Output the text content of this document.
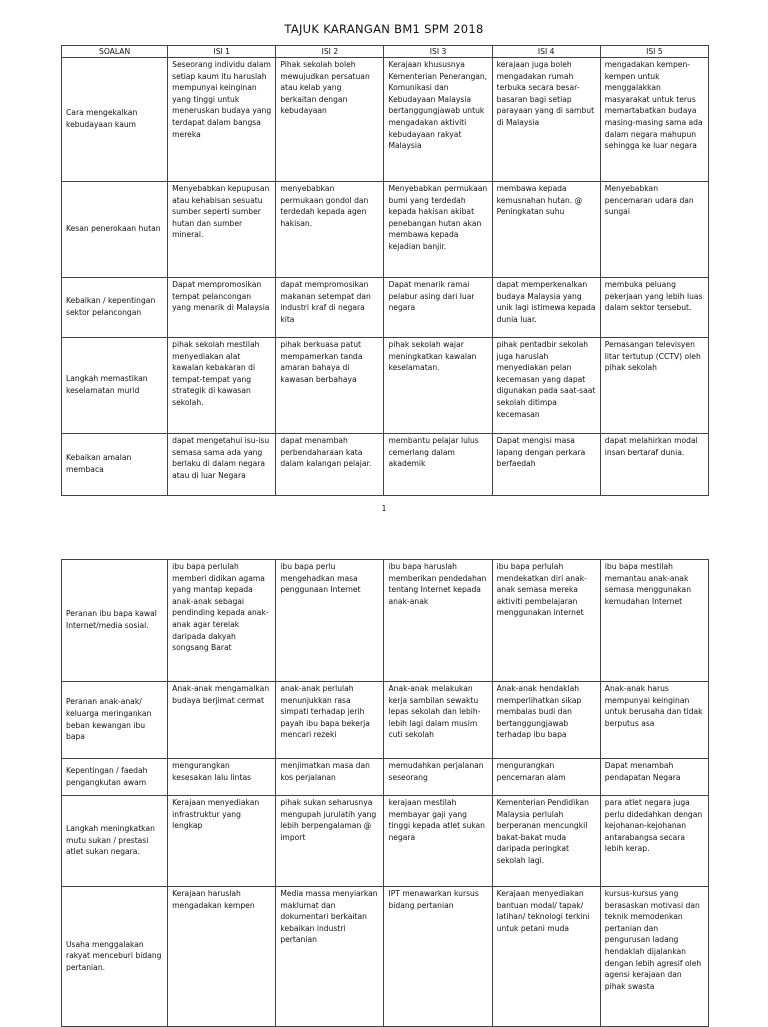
TAJUK KARANGAN BM1 SPM 2018
SOALAN	ISI 1	ISI 2	ISI 3	ISI 4	ISI 5
Cara mengekalkan kebudayaan kaum	Seseorang individu dalam setiap kaum itu haruslah mempunyai keinginan yang tinggi untuk meneruskan budaya yang terdapat dalam bangsa mereka	Pihak sekolah boleh mewujudkan persatuan atau kelab yang berkaitan dengan kebudayaan	Kerajaan khususnya Kementerian Penerangan, Komunikasi dan Kebudayaan Malaysia bertanggungjawab untuk mengadakan aktiviti kebudayaan rakyat Malaysia	kerajaan juga boleh mengadakan rumah terbuka secara besar-basaran bagi setiap parayaan yang di sambut di Malaysia	mengadakan kempen-kempen untuk menggalakkan masyarakat untuk terus memartabatkan budaya masing-masing sama ada dalam negara mahupun sehingga ke luar negara
Kesan penerokaan hutan	Menyebabkan kepupusan atau kehabisan sesuatu sumber seperti sumber hutan dan sumber mineral.	menyebabkan permukaan gondol dan terdedah kepada agen hakisan.	Menyebabkan permukaan bumi yang terdedah kepada hakisan akibat penebangan hutan akan membawa kepada kejadian banjir.	membawa kepada kemusnahan hutan. @ Peningkatan suhu	Menyebabkan pencemaran udara dan sungai
Kebaikan / kepentingan sektor pelancongan	Dapat mempromosikan tempat pelancongan yang menarik di Malaysia	dapat mempromosikan makanan setempat dan industri kraf di negara kita	Dapat menarik ramai pelabur asing dari luar negara	dapat memperkenalkan budaya Malaysia yang unik lagi istimewa kepada dunia luar.	membuka peluang pekerjaan yang lebih luas dalam sektor tersebut.
Langkah memastikan keselamatan murid	pihak sekolah mestilah menyediakan alat kawalan kebakaran di tempat-tempat yang strategik di kawasan sekolah.	pihak berkuasa patut mempamerkan tanda amaran bahaya di kawasan berbahaya	pihak sekolah wajar meningkatkan kawalan keselamatan.	pihak pentadbir sekolah juga haruslah menyediakan pelan kecemasan yang dapat digunakan pada saat-saat sekolah ditimpa kecemasan	Pemasangan televisyen litar tertutup (CCTV) oleh pihak sekolah
Kebaikan amalan membaca	dapat mengetahui isu-isu semasa sama ada yang berlaku di dalam negara atau di luar Negara	dapat menambah perbendaharaan kata dalam kalangan pelajar.	membantu pelajar lulus cemerlang dalam akademik	Dapat mengisi masa lapang dengan perkara berfaedah	dapat melahirkan modal insan bertaraf dunia.
1
Peranan ibu bapa kawal Internet/media sosial.	ibu bapa perlulah memberi didikan agama yang mantap kepada anak-anak sebagai pendinding kepada anak-anak agar terelak daripada dakyah songsang Barat	ibu bapa perlu mengehadkan masa penggunaan Internet	ibu bapa haruslah memberikan pendedahan tentang Internet kepada anak-anak	ibu bapa perlulah mendekatkan diri anak-anak semasa mereka aktiviti pembelajaran menggunakan internet	ibu bapa mestilah memantau anak-anak semasa menggunakan kemudahan Internet
Peranan anak-anak/ keluarga meringankan beban kewangan ibu bapa	Anak-anak mengamalkan budaya berjimat cermat	anak-anak perlulah menunjukkan rasa simpati terhadap jerih payah ibu bapa bekerja mencari rezeki	Anak-anak melakukan kerja sambilan sewaktu lepas sekolah dan lebih-lebih lagi dalam musim cuti sekolah	Anak-anak hendaklah memperlihatkan sikap membalas budi dan bertanggungjawab terhadap ibu bapa	Anak-anak harus mempunyai keinginan untuk berusaha dan tidak berputus asa
Kepentingan / faedah pengangkutan awam	mengurangkan kesesakan lalu lintas	menjimatkan masa dan kos perjalanan	memudahkan perjalanan seseorang	mengurangkan pencemaran alam	Dapat menambah pendapatan Negara
Langkah meningkatkan mutu sukan / prestasi atlet sukan negara.	Kerajaan menyediakan infrastruktur yang lengkap	pihak sukan seharusnya mengupah jurulatih yang lebih berpengalaman @ import	kerajaan mestilah membayar gaji yang tinggi kepada atlet sukan negara	Kementerian Pendidikan Malaysia perlulah berperanan mencungkil bakat-bakat muda daripada peringkat sekolah lagi.	para atlet negara juga perlu didedahkan dengan kejohanan-kejohanan antarabangsa secara lebih kerap.
Usaha menggalakan rakyat menceburi bidang pertanian.	Kerajaan haruslah mengadakan kempen	Media massa menyiarkan maklumat dan dokumentari berkaitan kebaikan industri pertanian	IPT menawarkan kursus bidang pertanian	Kerajaan menyediakan bantuan modal/ tapak/ latihan/ teknologi terkini untuk petani muda	kursus-kursus yang berasaskan motivasi dan teknik memodenkan pertanian dan pengurusan ladang hendaklah dijalankan dengan lebih agresif oleh agensi kerajaan dan pihak swasta
